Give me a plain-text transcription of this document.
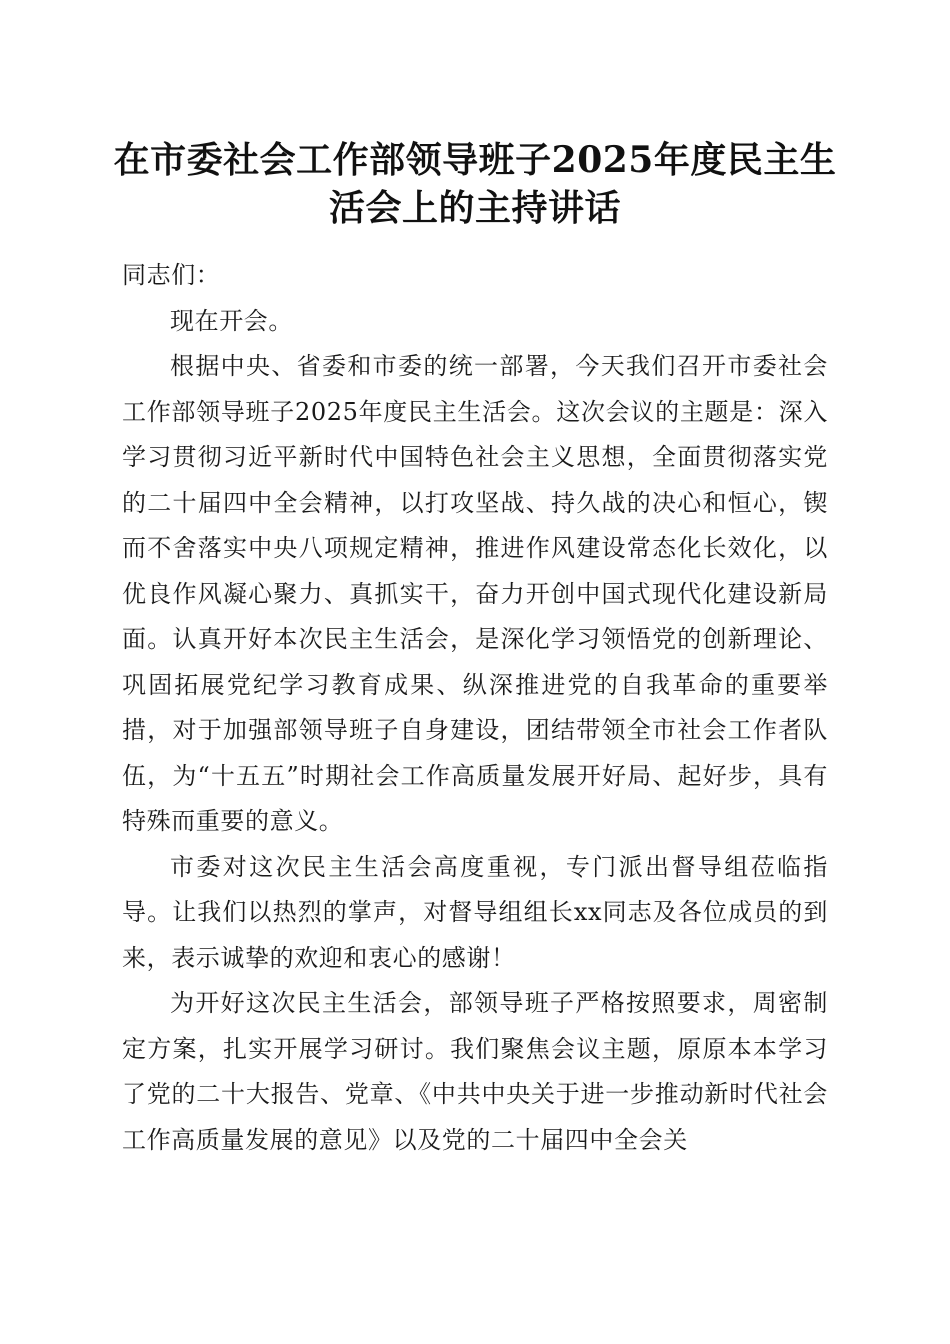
在市委社会工作部领导班子2025年度民主生
活会上的主持讲话

同志们：

现在开会。

根据中央、省委和市委的统一部署，今天我们召开市委社会工作部领导班子2025年度民主生活会。这次会议的主题是：深入学习贯彻习近平新时代中国特色社会主义思想，全面贯彻落实党的二十届四中全会精神，以打攻坚战、持久战的决心和恒心，锲而不舍落实中央八项规定精神，推进作风建设常态化长效化，以优良作风凝心聚力、真抓实干，奋力开创中国式现代化建设新局面。认真开好本次民主生活会，是深化学习领悟党的创新理论、巩固拓展党纪学习教育成果、纵深推进党的自我革命的重要举措，对于加强部领导班子自身建设，团结带领全市社会工作者队伍，为“十五五”时期社会工作高质量发展开好局、起好步，具有特殊而重要的意义。

市委对这次民主生活会高度重视，专门派出督导组莅临指导。让我们以热烈的掌声，对督导组组长xx同志及各位成员的到来，表示诚挚的欢迎和衷心的感谢！

为开好这次民主生活会，部领导班子严格按照要求，周密制定方案，扎实开展学习研讨。我们聚焦会议主题，原原本本学习了党的二十大报告、党章、《中共中央关于进一步推动新时代社会工作高质量发展的意见》以及党的二十届四中全会关
